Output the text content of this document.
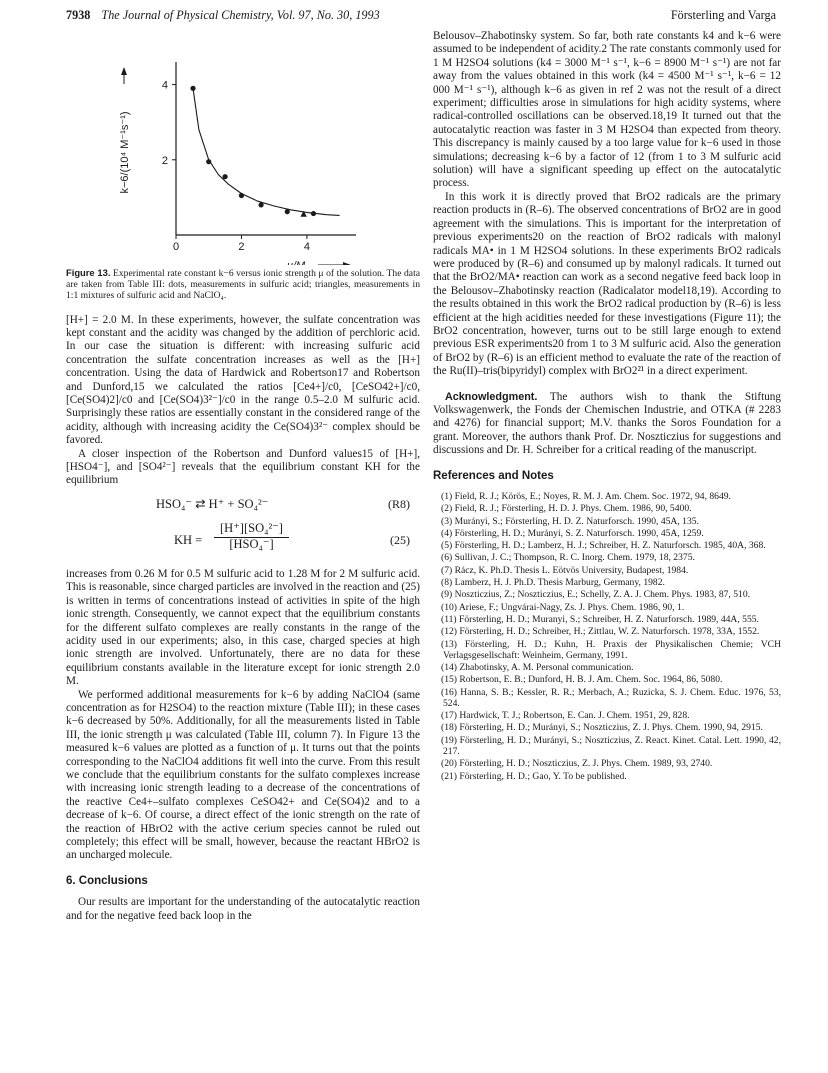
7938 The Journal of Physical Chemistry, Vol. 97, No. 30, 1993	Försterling and Varga
0	2	4
2
4
k−6/(10⁴ M⁻¹s⁻¹)
Figure 13. Experimental rate constant k−6 versus ionic strength μ of the solution. The data are taken from Table III: dots, measurements in sulfuric acid; triangles, measurements in 1:1 mixtures of sulfuric acid and NaClO₄.

[H+] = 2.0 M. In these experiments, however, the sulfate concentration was kept constant and the acidity was changed by the addition of perchloric acid. In our case the situation is different: with increasing sulfuric acid concentration the sulfate concentration increases as well as the [H+] concentration. Using the data of Hardwick and Robertson17 and Robertson and Dunford,15 we calculated the ratios [Ce4+]/c0, [CeSO42+]/c0, [Ce(SO4)2]/c0 and [Ce(SO4)3²⁻]/c0 in the range 0.5–2.0 M sulfuric acid. Surprisingly these ratios are essentially constant in the considered range of the acidity, although with increasing acidity the Ce(SO4)3²⁻ complex should be favored.

A closer inspection of the Robertson and Dunford values15 of [H+], [HSO4⁻], and [SO4²⁻] reveals that the equilibrium constant KH for the equilibrium

HSO₄⁻ ⇄ H⁺ + SO₄²⁻	(R8)
KH =
[H⁺][SO₄²⁻]
[HSO₄⁻]	(25)

increases from 0.26 M for 0.5 M sulfuric acid to 1.28 M for 2 M sulfuric acid. This is reasonable, since charged particles are involved in the reaction and (25) is written in terms of concentrations instead of activities in spite of the high ionic strength. Consequently, we cannot expect that the equilibrium constants for the different sulfato complexes are really constants in the range of the acidity used in our experiments; also, in this case, charged species at high ionic strength are involved. Unfortunately, there are no data for these equilibrium constants available in the literature except for ionic strength 2.0 M.

We performed additional measurements for k−6 by adding NaClO4 (same concentration as for H2SO4) to the reaction mixture (Table III); in these cases k−6 decreased by 50%. Additionally, for all the measurements listed in Table III, the ionic strength μ was calculated (Table III, column 7). In Figure 13 the measured k−6 values are plotted as a function of μ. It turns out that the points corresponding to the NaClO4 additions fit well into the curve. From this result we conclude that the equilibrium constants for the sulfato complexes increase with increasing ionic strength leading to a decrease of the concentrations of the reactive Ce4+–sulfato complexes CeSO42+ and Ce(SO4)2 and to a decrease of k−6. Of course, a direct effect of the ionic strength on the rate of the reaction of HBrO2 with the active cerium species cannot be ruled out completely; this effect will be small, however, because the reactant HBrO2 is an uncharged molecule.

6. Conclusions

Our results are important for the understanding of the autocatalytic reaction and for the negative feed back loop in the

Belousov–Zhabotinsky system. So far, both rate constants k4 and k−6 were assumed to be independent of acidity.2 The rate constants commonly used for 1 M H2SO4 solutions (k4 = 3000 M⁻¹ s⁻¹, k−6 = 8900 M⁻¹ s⁻¹) are not far away from the values obtained in this work (k4 = 4500 M⁻¹ s⁻¹, k−6 = 12 000 M⁻¹ s⁻¹), although k−6 as given in ref 2 was not the result of a direct experiment; difficulties arose in simulations for high acidity systems, where radical-controlled oscillations can be observed.18,19 It turned out that the autocatalytic reaction was faster in 3 M H2SO4 than expected from theory. This discrepancy is mainly caused by a too large value for k−6 used in those simulations; decreasing k−6 by a factor of 12 (from 1 to 3 M sulfuric acid solution) will have a significant speeding up effect on the autocatalytic process.

In this work it is directly proved that BrO2 radicals are the primary reaction products in (R–6). The observed concentrations of BrO2 are in good agreement with the simulations. This is important for the interpretation of previous experiments20 on the reaction of BrO2 radicals with malonyl radicals MA• in 1 M H2SO4 solutions. In these experiments BrO2 radicals were produced by (R–6) and consumed up by malonyl radicals. It turned out that the BrO2/MA• reaction can work as a second negative feed back loop in the Belousov–Zhabotinsky reaction (Radicalator model18,19). According to the results obtained in this work the BrO2 radical production by (R–6) is less efficient at the high acidities needed for these investigations (Figure 11); the BrO2 concentration, however, turns out to be still large enough to extend previous ESR experiments20 from 1 to 3 M sulfuric acid. Also the generation of BrO2 by (R–6) is an efficient method to evaluate the rate of the reaction of the Ru(II)–tris(bipyridyl) complex with BrO2²¹ in a direct experiment.

Acknowledgment. The authors wish to thank the Stiftung Volkswagenwerk, the Fonds der Chemischen Industrie, and OTKA (# 2283 and 4276) for financial support; M.V. thanks the Soros Foundation for a grant. Moreover, the authors thank Prof. Dr. Noszticzius for suggestions and discussions and Dr. H. Schreiber for a critical reading of the manuscript.

References and Notes
(1) Field, R. J.; Körös, E.; Noyes, R. M. J. Am. Chem. Soc. 1972, 94, 8649.
(2) Field, R. J.; Försterling, H. D. J. Phys. Chem. 1986, 90, 5400.
(3) Murányi, S.; Försterling, H. D. Z. Naturforsch. 1990, 45A, 135.
(4) Försterling, H. D.; Murányi, S. Z. Naturforsch. 1990, 45A, 1259.
(5) Försterling, H. D.; Lamberz, H. J.; Schreiber, H. Z. Naturforsch. 1985, 40A, 368.
(6) Sullivan, J. C.; Thompson, R. C. Inorg. Chem. 1979, 18, 2375.
(7) Rácz, K. Ph.D. Thesis L. Eötvös University, Budapest, 1984.
(8) Lamberz, H. J. Ph.D. Thesis Marburg, Germany, 1982.
(9) Noszticzius, Z.; Noszticzius, E.; Schelly, Z. A. J. Chem. Phys. 1983, 87, 510.
(10) Ariese, F.; Ungvárai-Nagy, Zs. J. Phys. Chem. 1986, 90, 1.
(11) Försterling, H. D.; Muranyi, S.; Schreiber, H. Z. Naturforsch. 1989, 44A, 555.
(12) Försterling, H. D.; Schreiber, H.; Zittlau, W. Z. Naturforsch. 1978, 33A, 1552.
(13) Försterling, H. D.; Kuhn, H. Praxis der Physikalischen Chemie; VCH Verlagsgesellschaft: Weinheim, Germany, 1991.
(14) Zhabotinsky, A. M. Personal communication.
(15) Robertson, E. B.; Dunford, H. B. J. Am. Chem. Soc. 1964, 86, 5080.
(16) Hanna, S. B.; Kessler, R. R.; Merbach, A.; Ruzicka, S. J. Chem. Educ. 1976, 53, 524.
(17) Hardwick, T. J.; Robertson, E. Can. J. Chem. 1951, 29, 828.
(18) Försterling, H. D.; Murányi, S.; Noszticzius, Z. J. Phys. Chem. 1990, 94, 2915.
(19) Försterling, H. D.; Murányi, S.; Noszticzius, Z. React. Kinet. Catal. Lett. 1990, 42, 217.
(20) Försterling, H. D.; Noszticzius, Z. J. Phys. Chem. 1989, 93, 2740.
(21) Försterling, H. D.; Gao, Y. To be published.
